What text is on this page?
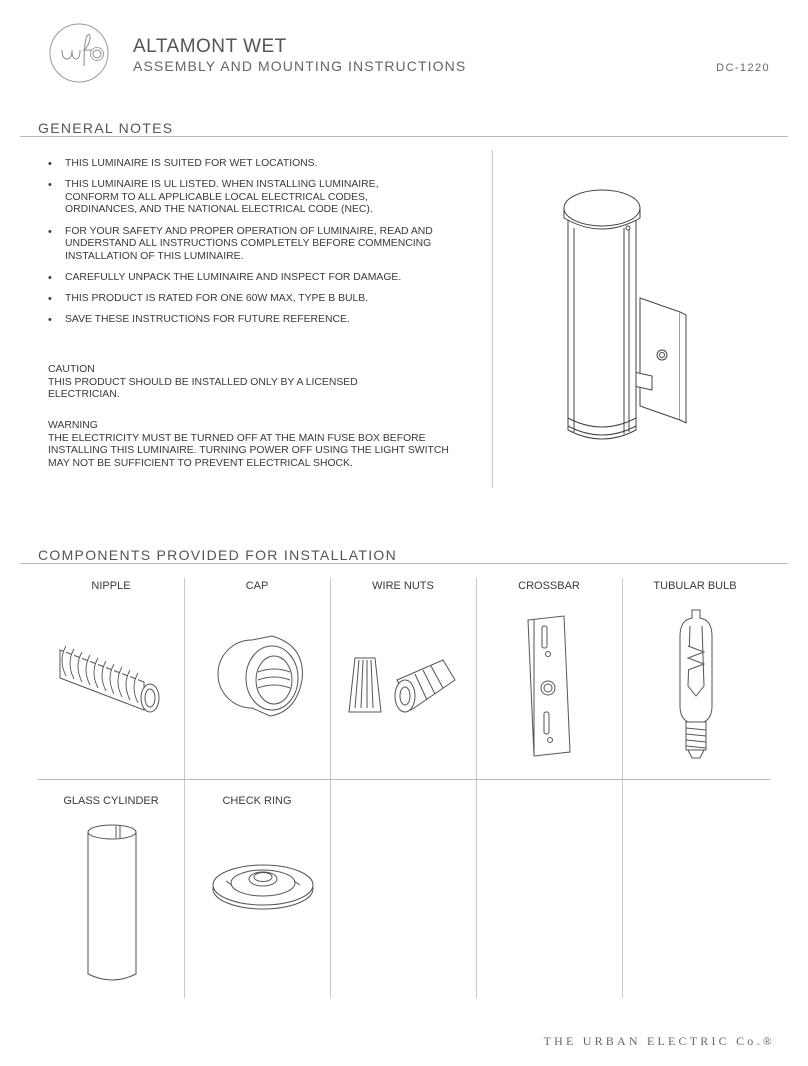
ALTAMONT WET
ASSEMBLY AND MOUNTING INSTRUCTIONS	DC-1220
GENERAL NOTES
• THIS LUMINAIRE IS SUITED FOR WET LOCATIONS.
• THIS LUMINAIRE IS UL LISTED. WHEN INSTALLING LUMINAIRE, CONFORM TO ALL APPLICABLE LOCAL ELECTRICAL CODES, ORDINANCES, AND THE NATIONAL ELECTRICAL CODE (NEC).
• FOR YOUR SAFETY AND PROPER OPERATION OF LUMINAIRE, READ AND UNDERSTAND ALL INSTRUCTIONS COMPLETELY BEFORE COMMENCING INSTALLATION OF THIS LUMINAIRE.
• CAREFULLY UNPACK THE LUMINAIRE AND INSPECT FOR DAMAGE.
• THIS PRODUCT IS RATED FOR ONE 60W MAX, TYPE B BULB.
• SAVE THESE INSTRUCTIONS FOR FUTURE REFERENCE.
CAUTION
THIS PRODUCT SHOULD BE INSTALLED ONLY BY A LICENSED ELECTRICIAN.
WARNING
THE ELECTRICITY MUST BE TURNED OFF AT THE MAIN FUSE BOX BEFORE INSTALLING THIS LUMINAIRE. TURNING POWER OFF USING THE LIGHT SWITCH MAY NOT BE SUFFICIENT TO PREVENT ELECTRICAL SHOCK.
COMPONENTS PROVIDED FOR INSTALLATION
NIPPLE	CAP	WIRE NUTS	CROSSBAR	TUBULAR BULB
GLASS CYLINDER	CHECK RING
THE URBAN ELECTRIC Co.®
